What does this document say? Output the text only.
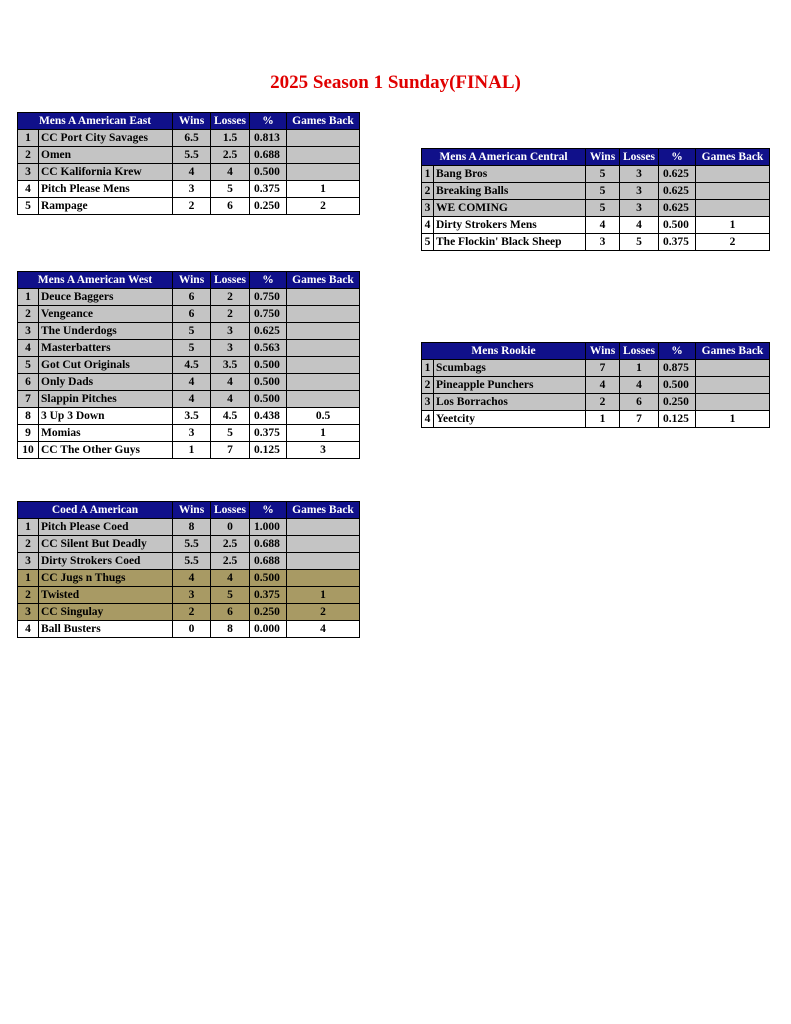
2025 Season 1 Sunday(FINAL)
Mens A American East		Wins	Losses	%	Games Back
1	CC Port City Savages	6.5	1.5	0.813	
2	Omen	5.5	2.5	0.688	
3	CC Kalifornia Krew	4	4	0.500	
4	Pitch Please Mens	3	5	0.375	1
5	Rampage	2	6	0.250	2
Mens A American Central		Wins	Losses	%	Games Back
1	Bang Bros	5	3	0.625	
2	Breaking Balls	5	3	0.625	
3	WE COMING	5	3	0.625	
4	Dirty Strokers Mens	4	4	0.500	1
5	The Flockin' Black Sheep	3	5	0.375	2
Mens A American West		Wins	Losses	%	Games Back
1	Deuce Baggers	6	2	0.750	
2	Vengeance	6	2	0.750	
3	The Underdogs	5	3	0.625	
4	Masterbatters	5	3	0.563	
5	Got Cut Originals	4.5	3.5	0.500	
6	Only Dads	4	4	0.500	
7	Slappin Pitches	4	4	0.500	
8	3 Up 3 Down	3.5	4.5	0.438	0.5
9	Momias	3	5	0.375	1
10	CC The Other Guys	1	7	0.125	3
Mens Rookie		Wins	Losses	%	Games Back
1	Scumbags	7	1	0.875	
2	Pineapple Punchers	4	4	0.500	
3	Los Borrachos	2	6	0.250	
4	Yeetcity	1	7	0.125	1
Coed A American		Wins	Losses	%	Games Back
1	Pitch Please Coed	8	0	1.000	
2	CC Silent But Deadly	5.5	2.5	0.688	
3	Dirty Strokers Coed	5.5	2.5	0.688	
1	CC Jugs n Thugs	4	4	0.500	
2	Twisted	3	5	0.375	1
3	CC Singulay	2	6	0.250	2
4	Ball Busters	0	8	0.000	4
